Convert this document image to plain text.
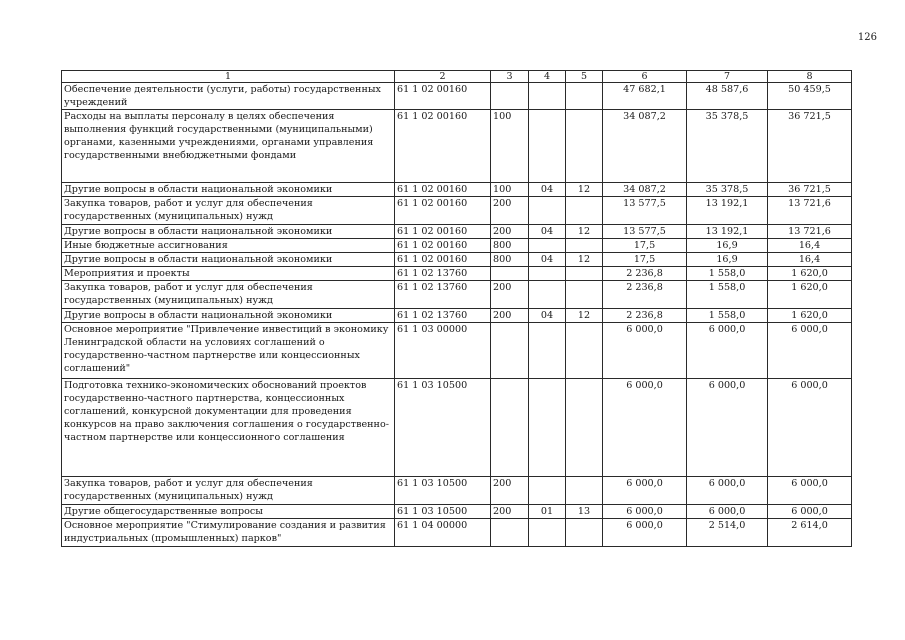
126
1	2	3	4	5	6	7	8
Обеспечение деятельности (услуги, работы) государственных учреждений	61 1 02 00160				47 682,1	48 587,6	50 459,5
Расходы на выплаты персоналу в целях обеспечения выполнения функций государственными (муниципальными) органами, казенными учреждениями, органами управления государственными внебюджетными фондами	61 1 02 00160	100			34 087,2	35 378,5	36 721,5
Другие вопросы в области национальной экономики	61 1 02 00160	100	04	12	34 087,2	35 378,5	36 721,5
Закупка товаров, работ и услуг для обеспечения государственных (муниципальных) нужд	61 1 02 00160	200			13 577,5	13 192,1	13 721,6
Другие вопросы в области национальной экономики	61 1 02 00160	200	04	12	13 577,5	13 192,1	13 721,6
Иные бюджетные ассигнования	61 1 02 00160	800			17,5	16,9	16,4
Другие вопросы в области национальной экономики	61 1 02 00160	800	04	12	17,5	16,9	16,4
Мероприятия и проекты	61 1 02 13760				2 236,8	1 558,0	1 620,0
Закупка товаров, работ и услуг для обеспечения государственных (муниципальных) нужд	61 1 02 13760	200			2 236,8	1 558,0	1 620,0
Другие вопросы в области национальной экономики	61 1 02 13760	200	04	12	2 236,8	1 558,0	1 620,0
Основное мероприятие "Привлечение инвестиций в экономику Ленинградской области на условиях соглашений о государственно-частном партнерстве или концессионных соглашений"	61 1 03 00000				6 000,0	6 000,0	6 000,0
Подготовка технико-экономических обоснований проектов государственно-частного партнерства, концессионных соглашений, конкурсной документации для проведения конкурсов на право заключения соглашения о государственно-частном партнерстве или концессионного соглашения	61 1 03 10500				6 000,0	6 000,0	6 000,0
Закупка товаров, работ и услуг для обеспечения государственных (муниципальных) нужд	61 1 03 10500	200			6 000,0	6 000,0	6 000,0
Другие общегосударственные вопросы	61 1 03 10500	200	01	13	6 000,0	6 000,0	6 000,0
Основное мероприятие "Стимулирование создания и развития индустриальных (промышленных) парков"	61 1 04 00000				6 000,0	2 514,0	2 614,0
